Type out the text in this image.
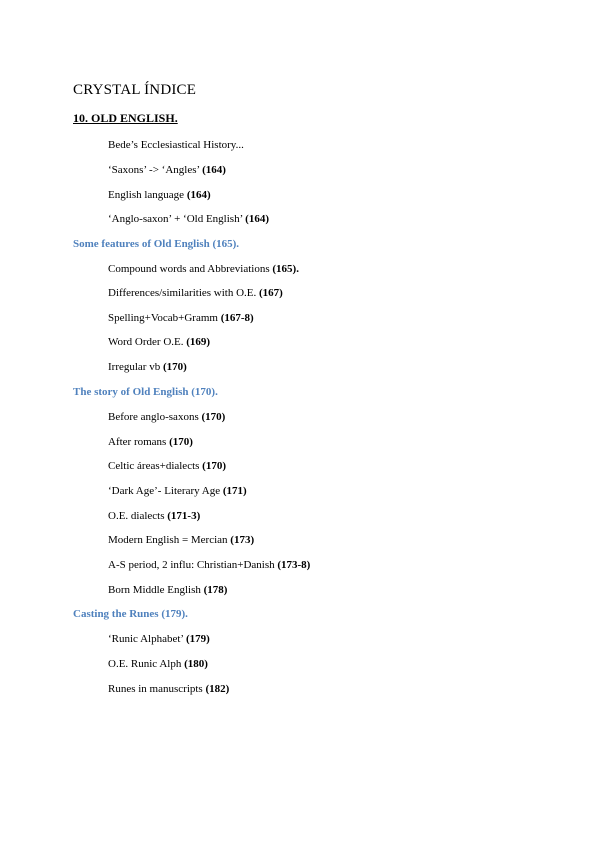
CRYSTAL ÍNDICE
10. OLD ENGLISH.
Bede’s Ecclesiastical History...
‘Saxons’ -> ‘Angles’ (164)
English language (164)
‘Anglo-saxon’ + ‘Old English’ (164)
Some features of Old English (165).
Compound words and Abbreviations (165).
Differences/similarities with O.E. (167)
Spelling+Vocab+Gramm (167-8)
Word Order O.E. (169)
Irregular vb (170)
The story of Old English (170).
Before anglo-saxons (170)
After romans (170)
Celtic áreas+dialects (170)
‘Dark Age’- Literary Age (171)
O.E. dialects (171-3)
Modern English = Mercian (173)
A-S period, 2 influ: Christian+Danish (173-8)
Born Middle English (178)
Casting the Runes (179).
‘Runic Alphabet’ (179)
O.E. Runic Alph (180)
Runes in manuscripts (182)
